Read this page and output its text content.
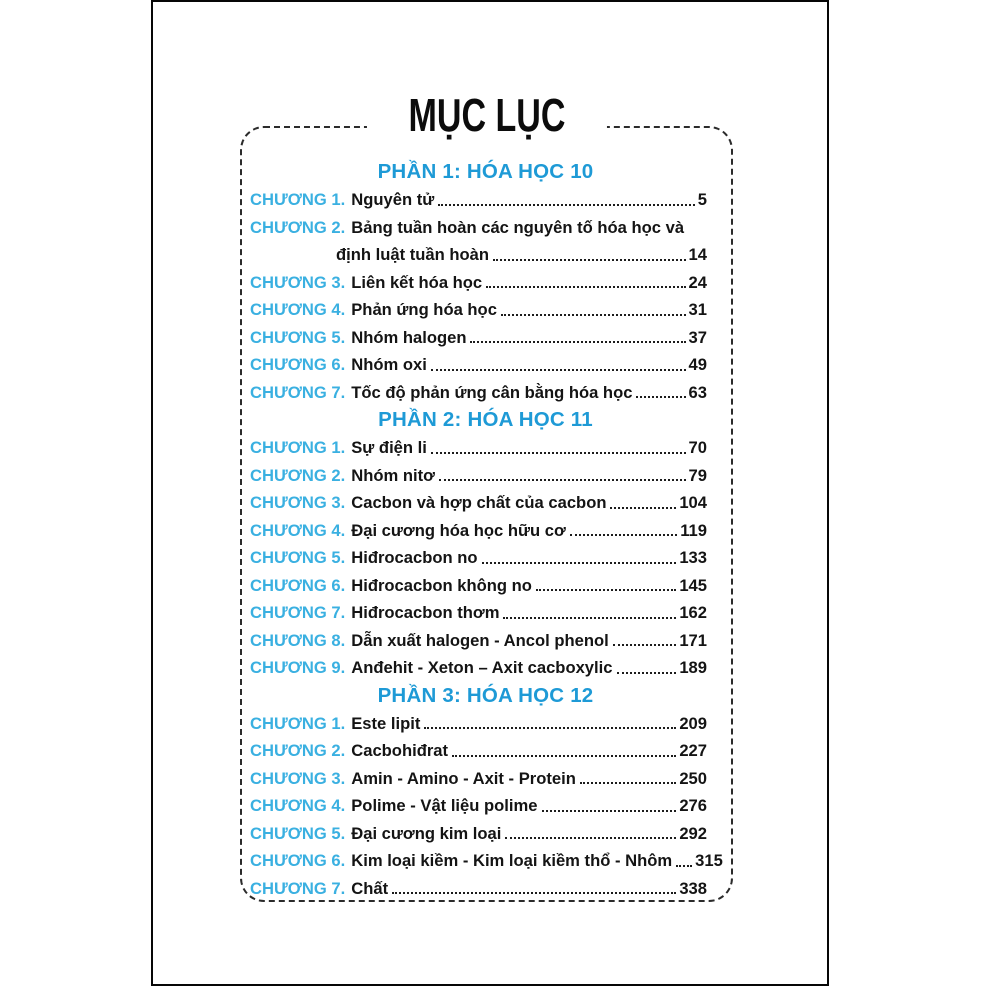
MỤC LỤC
PHẦN 1: HÓA HỌC 10
CHƯƠNG 1. Nguyên tử	5
CHƯƠNG 2. Bảng tuần hoàn các nguyên tố hóa học và
định luật tuần hoàn	14
CHƯƠNG 3. Liên kết hóa học	24
CHƯƠNG 4. Phản ứng hóa học	31
CHƯƠNG 5. Nhóm halogen	37
CHƯƠNG 6. Nhóm oxi	49
CHƯƠNG 7. Tốc độ phản ứng cân bằng hóa học	63
PHẦN 2: HÓA HỌC 11
CHƯƠNG 1. Sự điện li	70
CHƯƠNG 2. Nhóm nitơ	79
CHƯƠNG 3. Cacbon và hợp chất của cacbon	104
CHƯƠNG 4. Đại cương hóa học hữu cơ	119
CHƯƠNG 5. Hiđrocacbon no	133
CHƯƠNG 6. Hiđrocacbon không no	145
CHƯƠNG 7. Hiđrocacbon thơm	162
CHƯƠNG 8. Dẫn xuất halogen - Ancol phenol	171
CHƯƠNG 9. Anđehit - Xeton – Axit cacboxylic	189
PHẦN 3: HÓA HỌC 12
CHƯƠNG 1. Este lipit	209
CHƯƠNG 2. Cacbohiđrat	227
CHƯƠNG 3. Amin - Amino - Axit - Protein	250
CHƯƠNG 4. Polime - Vật liệu polime	276
CHƯƠNG 5. Đại cương kim loại	292
CHƯƠNG 6. Kim loại kiềm - Kim loại kiềm thổ - Nhôm 315
CHƯƠNG 7. Chất	338
